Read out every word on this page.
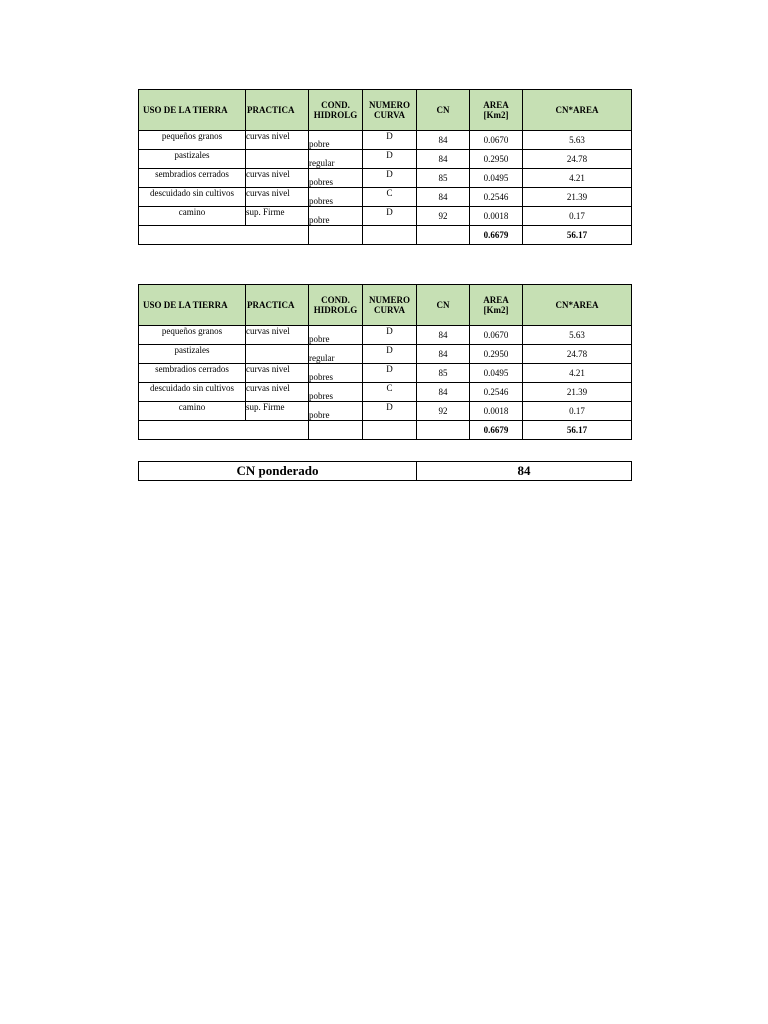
USO DE LA TIERRA	PRACTICA	COND. HIDROLG	NUMERO CURVA	CN	AREA [Km2]	CN*AREA
pequeños granos	curvas nivel	pobre	D	84	0.0670	5.63
pastizales		regular	D	84	0.2950	24.78
sembradios cerrados	curvas nivel	pobres	D	85	0.0495	4.21
descuidado sin cultivos	curvas nivel	pobres	C	84	0.2546	21.39
camino	sup. Firme	pobre	D	92	0.0018	0.17
					0.6679	56.17
USO DE LA TIERRA	PRACTICA	COND. HIDROLG	NUMERO CURVA	CN	AREA [Km2]	CN*AREA
pequeños granos	curvas nivel	pobre	D	84	0.0670	5.63
pastizales		regular	D	84	0.2950	24.78
sembradios cerrados	curvas nivel	pobres	D	85	0.0495	4.21
descuidado sin cultivos	curvas nivel	pobres	C	84	0.2546	21.39
camino	sup. Firme	pobre	D	92	0.0018	0.17
					0.6679	56.17
CN ponderado	84
